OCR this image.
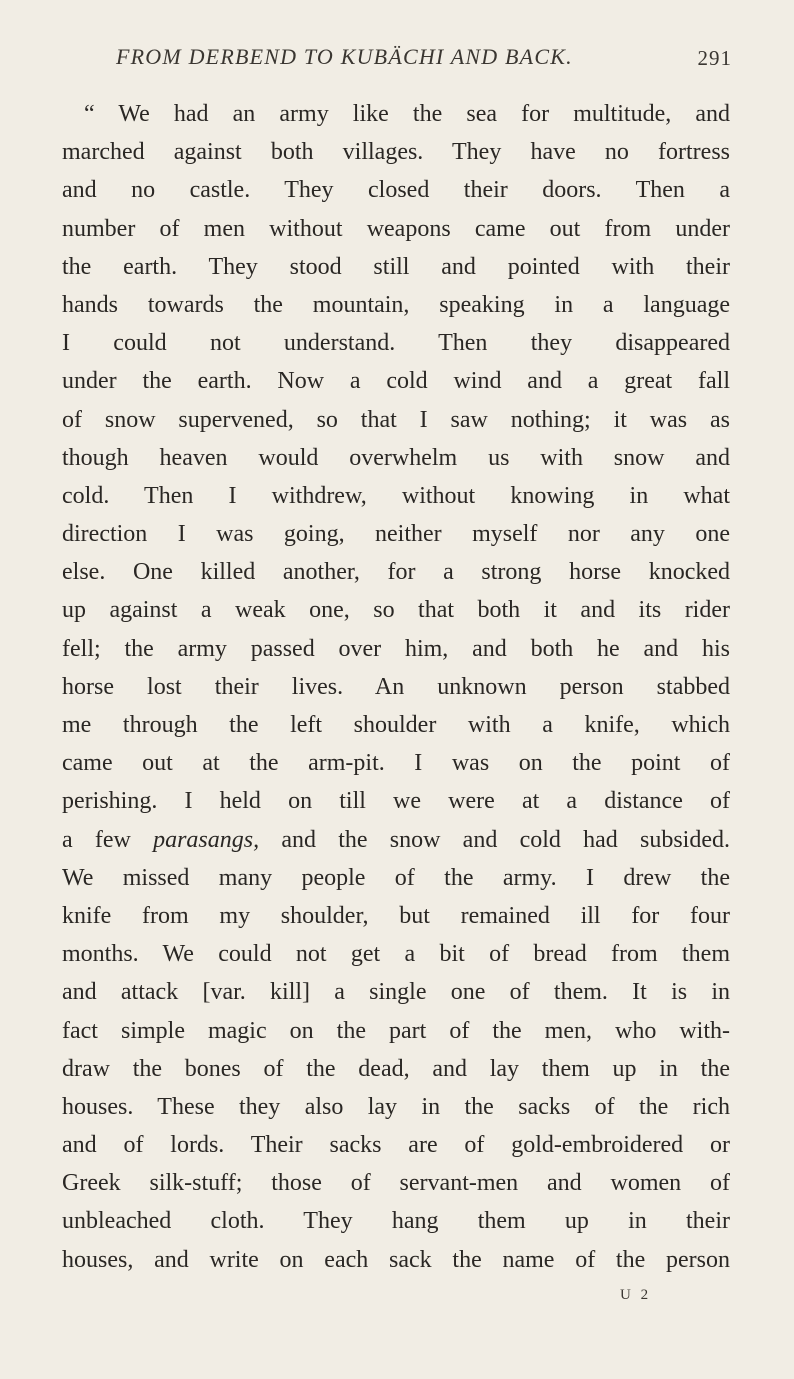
FROM DERBEND TO KUBÄCHI AND BACK.	291
“ We had an army like the sea for multitude, and
marched against both villages. They have no fortress
and no castle. They closed their doors. Then a
number of men without weapons came out from under
the earth. They stood still and pointed with their
hands towards the mountain, speaking in a language
I could not understand. Then they disappeared
under the earth. Now a cold wind and a great fall
of snow supervened, so that I saw nothing; it was as
though heaven would overwhelm us with snow and
cold. Then I withdrew, without knowing in what
direction I was going, neither myself nor any one
else. One killed another, for a strong horse knocked
up against a weak one, so that both it and its rider
fell; the army passed over him, and both he and his
horse lost their lives. An unknown person stabbed
me through the left shoulder with a knife, which
came out at the arm-pit. I was on the point of
perishing. I held on till we were at a distance of
a few parasangs, and the snow and cold had subsided.
We missed many people of the army. I drew the
knife from my shoulder, but remained ill for four
months. We could not get a bit of bread from them
and attack [var. kill] a single one of them. It is in
fact simple magic on the part of the men, who with-
draw the bones of the dead, and lay them up in the
houses. These they also lay in the sacks of the rich
and of lords. Their sacks are of gold-embroidered or
Greek silk-stuff; those of servant-men and women of
unbleached cloth. They hang them up in their
houses, and write on each sack the name of the person
U 2
